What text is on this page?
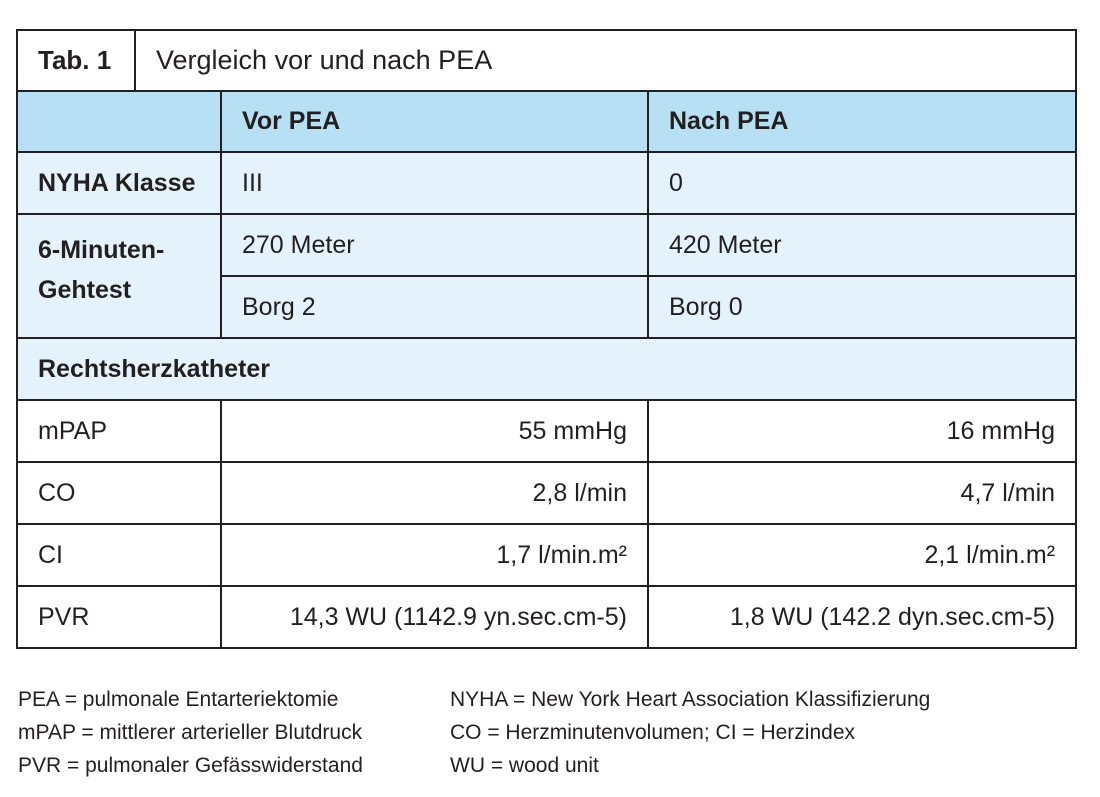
Tab. 1	Vergleich vor und nach PEA		
		Vor PEA	Nach PEA
NYHA Klasse		III	0
6-Minuten-Gehtest		270 Meter	420 Meter
		Borg 2	Borg 0
Rechtsherzkatheter			
mPAP		55 mmHg	16 mmHg
CO		2,8 l/min	4,7 l/min
CI		1,7 l/min.m²	2,1 l/min.m²
PVR		14,3 WU (1142.9 yn.sec.cm-5)	1,8 WU (142.2 dyn.sec.cm-5)
PEA = pulmonale Entarteriektomie
mPAP = mittlerer arterieller Blutdruck
PVR = pulmonaler Gefässwiderstand
NYHA = New York Heart Association Klassifizierung
CO = Herzminutenvolumen; CI = Herzindex
WU = wood unit
